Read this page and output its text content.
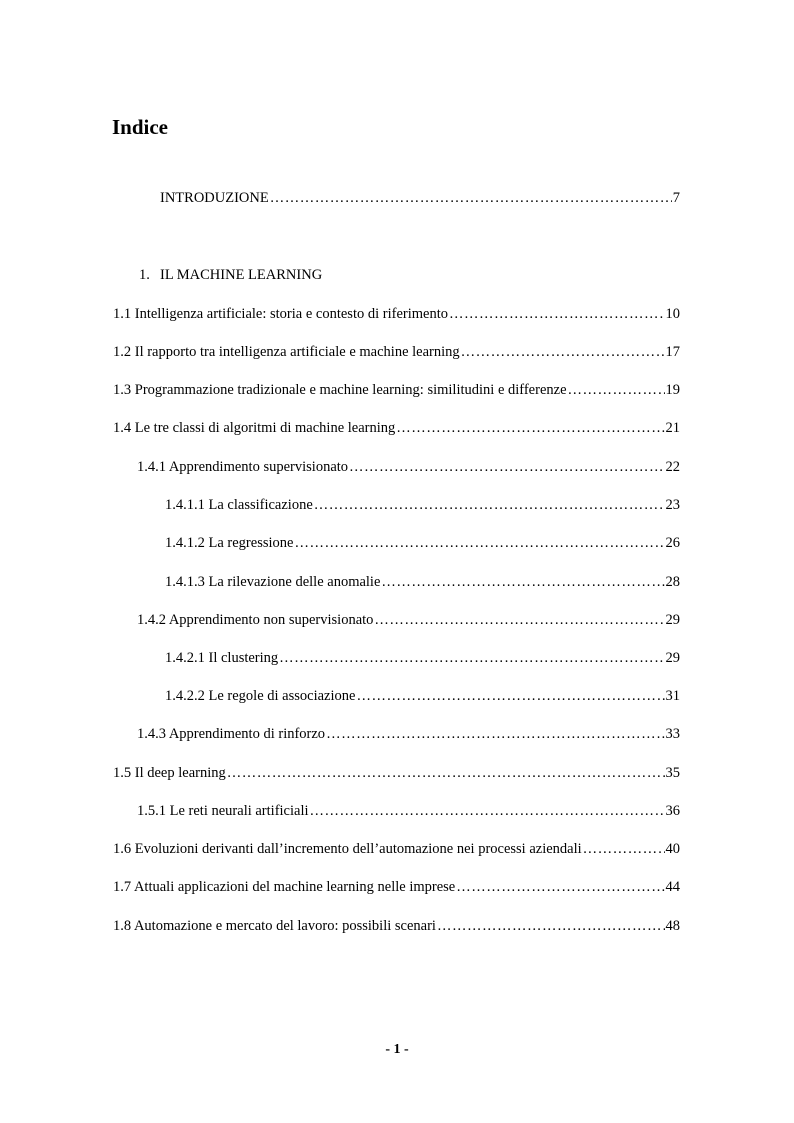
Indice
INTRODUZIONE ……………………………………………………………………………………………………………………………………………………………………………………………………	7
1. IL MACHINE LEARNING
1.1 Intelligenza artificiale: storia e contesto di riferimento ……………………………………………………………………………………………………………………………………………………………………………………………………	10
1.2 Il rapporto tra intelligenza artificiale e machine learning ……………………………………………………………………………………………………………………………………………………………………………………………………	17
1.3 Programmazione tradizionale e machine learning: similitudini e differenze ……………………………………………………………………………………………………………………………………………………………………………………………………	19
1.4 Le tre classi di algoritmi di machine learning ……………………………………………………………………………………………………………………………………………………………………………………………………	21
1.4.1 Apprendimento supervisionato ……………………………………………………………………………………………………………………………………………………………………………………………………	22
1.4.1.1 La classificazione ……………………………………………………………………………………………………………………………………………………………………………………………………	23
1.4.1.2 La regressione ……………………………………………………………………………………………………………………………………………………………………………………………………	26
1.4.1.3 La rilevazione delle anomalie ……………………………………………………………………………………………………………………………………………………………………………………………………	28
1.4.2 Apprendimento non supervisionato ……………………………………………………………………………………………………………………………………………………………………………………………………	29
1.4.2.1 Il clustering ……………………………………………………………………………………………………………………………………………………………………………………………………	29
1.4.2.2 Le regole di associazione ……………………………………………………………………………………………………………………………………………………………………………………………………	31
1.4.3 Apprendimento di rinforzo ……………………………………………………………………………………………………………………………………………………………………………………………………	33
1.5 Il deep learning ……………………………………………………………………………………………………………………………………………………………………………………………………	35
1.5.1 Le reti neurali artificiali ……………………………………………………………………………………………………………………………………………………………………………………………………	36
1.6 Evoluzioni derivanti dall’incremento dell’automazione nei processi aziendali ……………………………………………………………………………………………………………………………………………………………………………………………………	40
1.7 Attuali applicazioni del machine learning nelle imprese ……………………………………………………………………………………………………………………………………………………………………………………………………	44
1.8 Automazione e mercato del lavoro: possibili scenari ……………………………………………………………………………………………………………………………………………………………………………………………………	48
- 1 -
